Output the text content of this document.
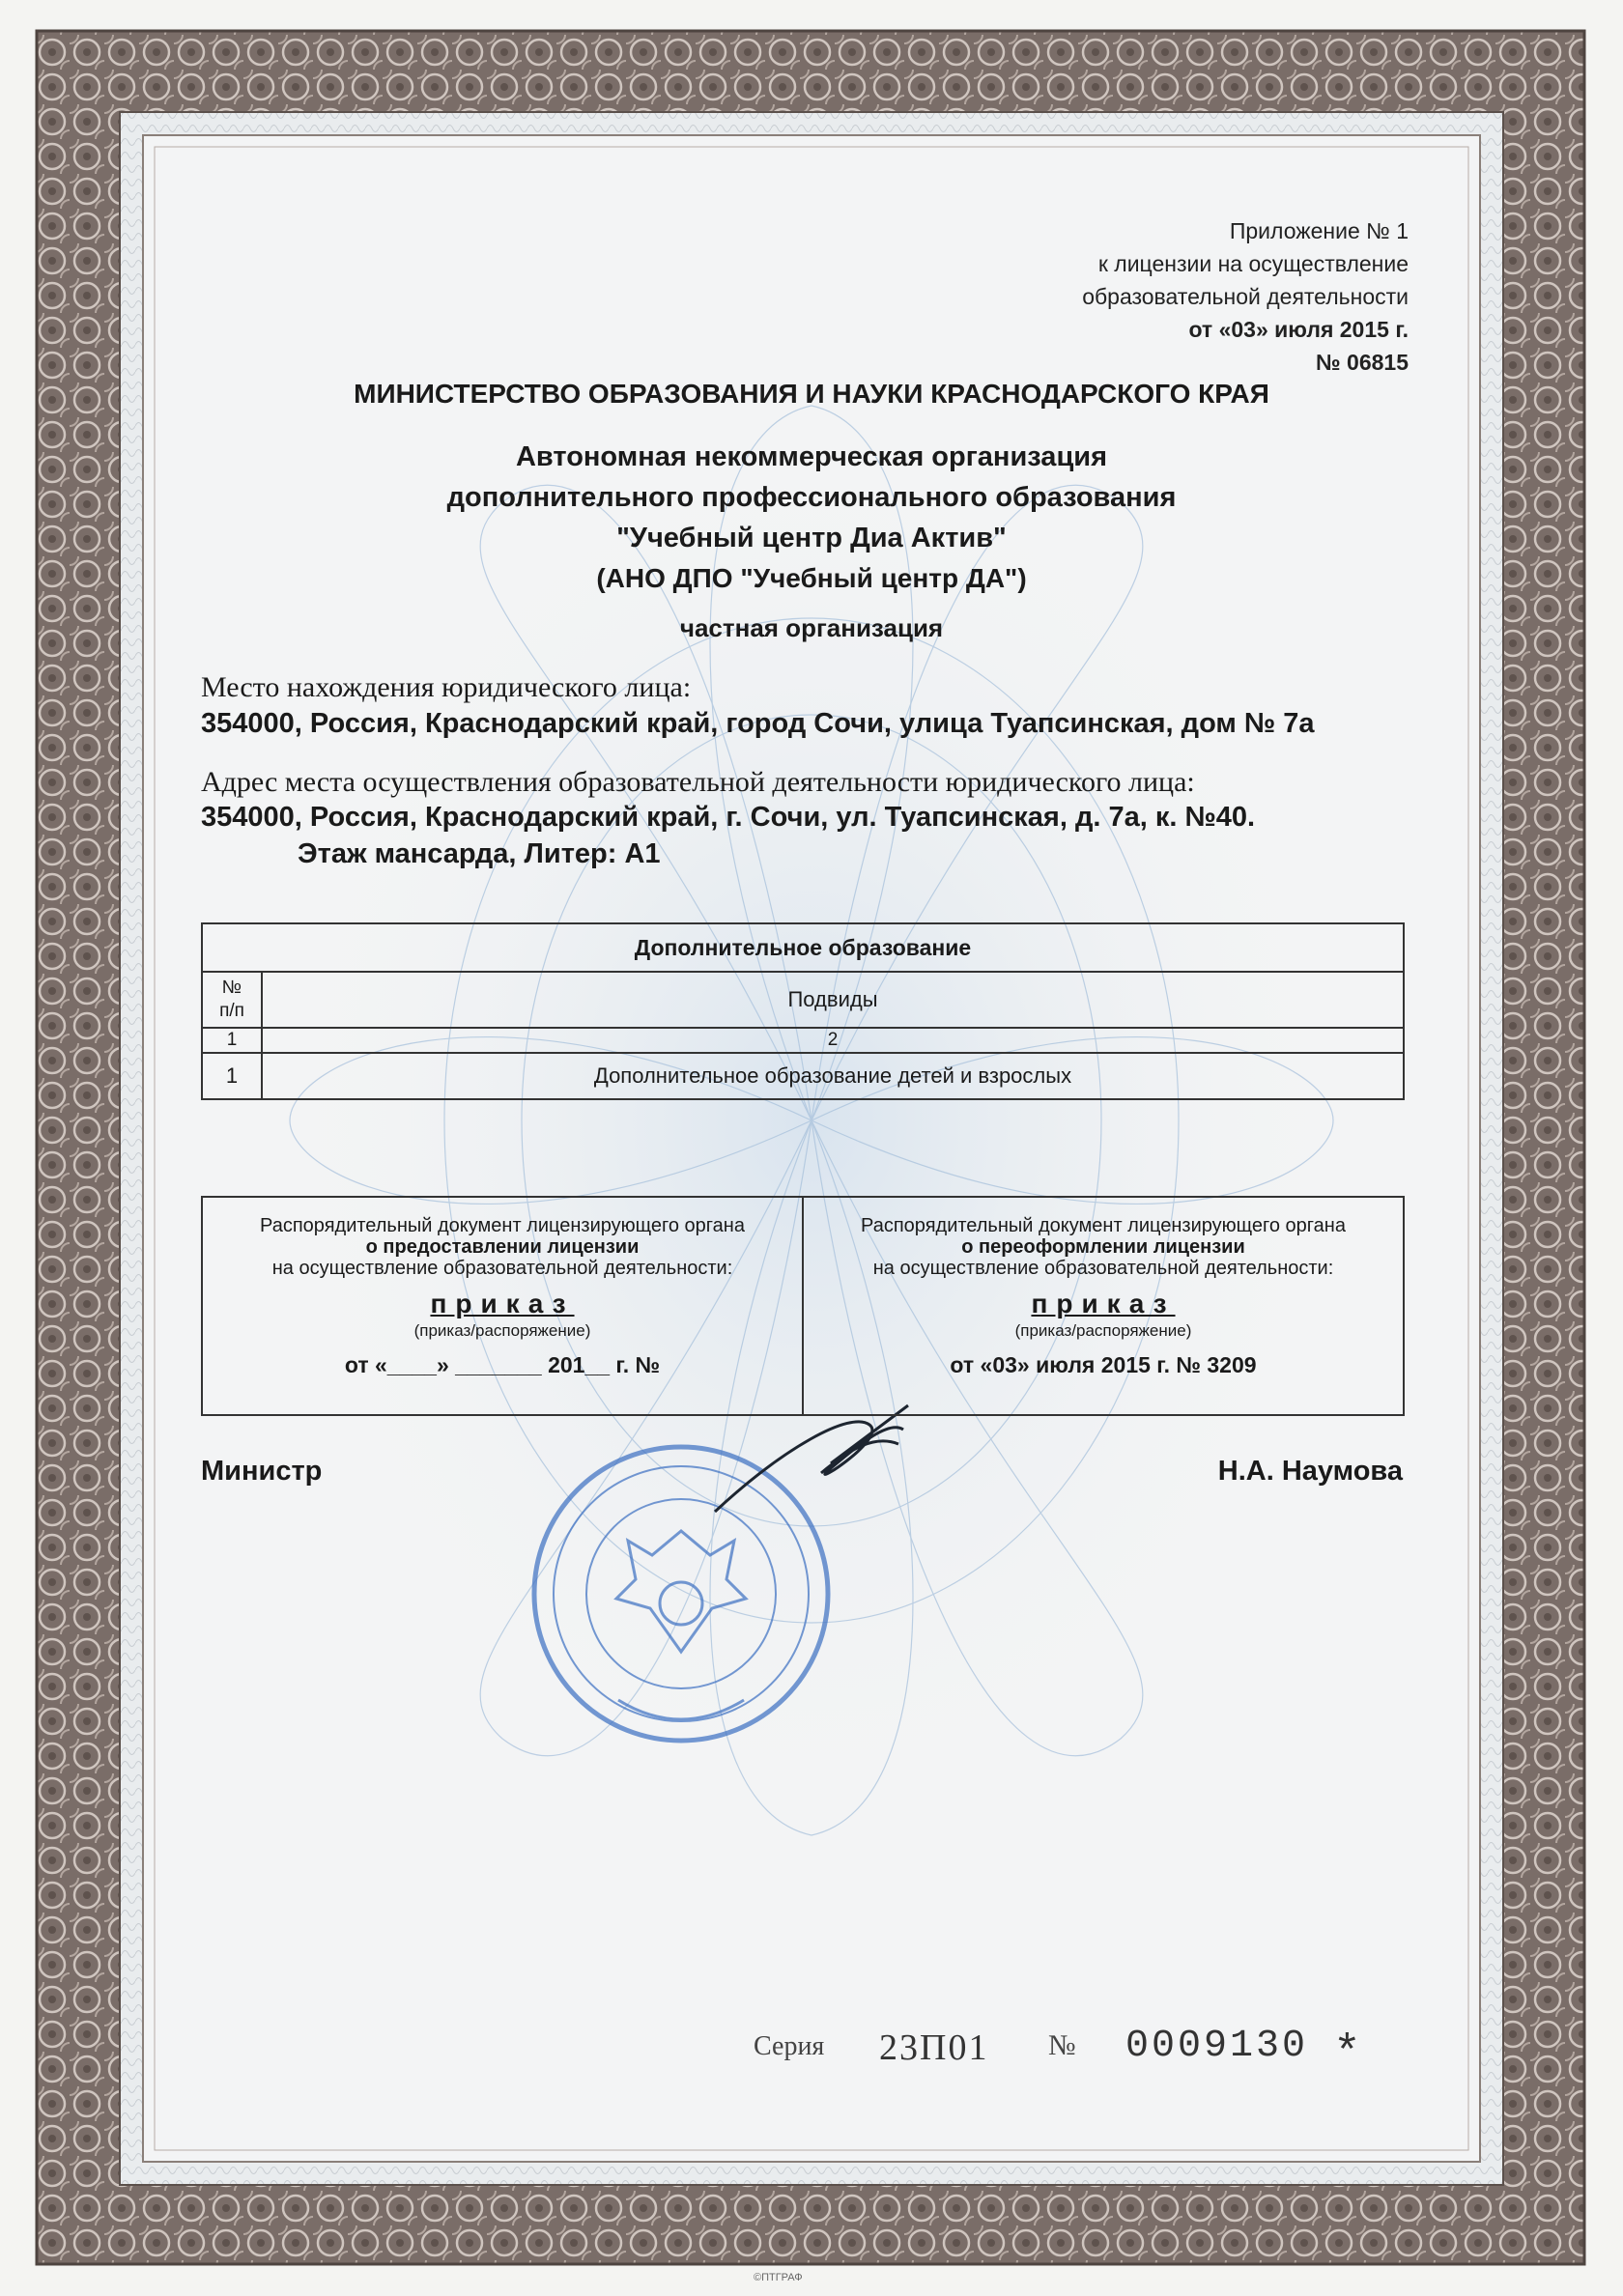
Приложение № 1
к лицензии на осуществление
образовательной деятельности
от «03» июля 2015 г.
№ 06815
МИНИСТЕРСТВО ОБРАЗОВАНИЯ И НАУКИ КРАСНОДАРСКОГО КРАЯ
Автономная некоммерческая организация
дополнительного профессионального образования
"Учебный центр Диа Актив"
(АНО ДПО "Учебный центр ДА")
частная организация
Место нахождения юридического лица:
354000, Россия, Краснодарский край, город Сочи, улица Туапсинская, дом № 7а
Адрес места осуществления образовательной деятельности юридического лица:
354000, Россия, Краснодарский край, г. Сочи, ул. Туапсинская, д. 7а, к. №40.
Этаж мансарда, Литер: А1
Дополнительное образование	

№
п/п	Подвиды
1	2
1	Дополнительное образование детей и взрослых
Распорядительный документ лицензирующего органа
о предоставлении лицензии
на осуществление образовательной деятельности:
приказ
(приказ/распоряжение)
от «____» _______ 201__ г. №

Распорядительный документ лицензирующего органа
о переоформлении лицензии
на осуществление образовательной деятельности:
приказ
(приказ/распоряжение)
от «03» июля 2015 г. № 3209
Министр	Н.А. Наумова
Серия 23П01 № 0009130 *
©ПТГРАФ
